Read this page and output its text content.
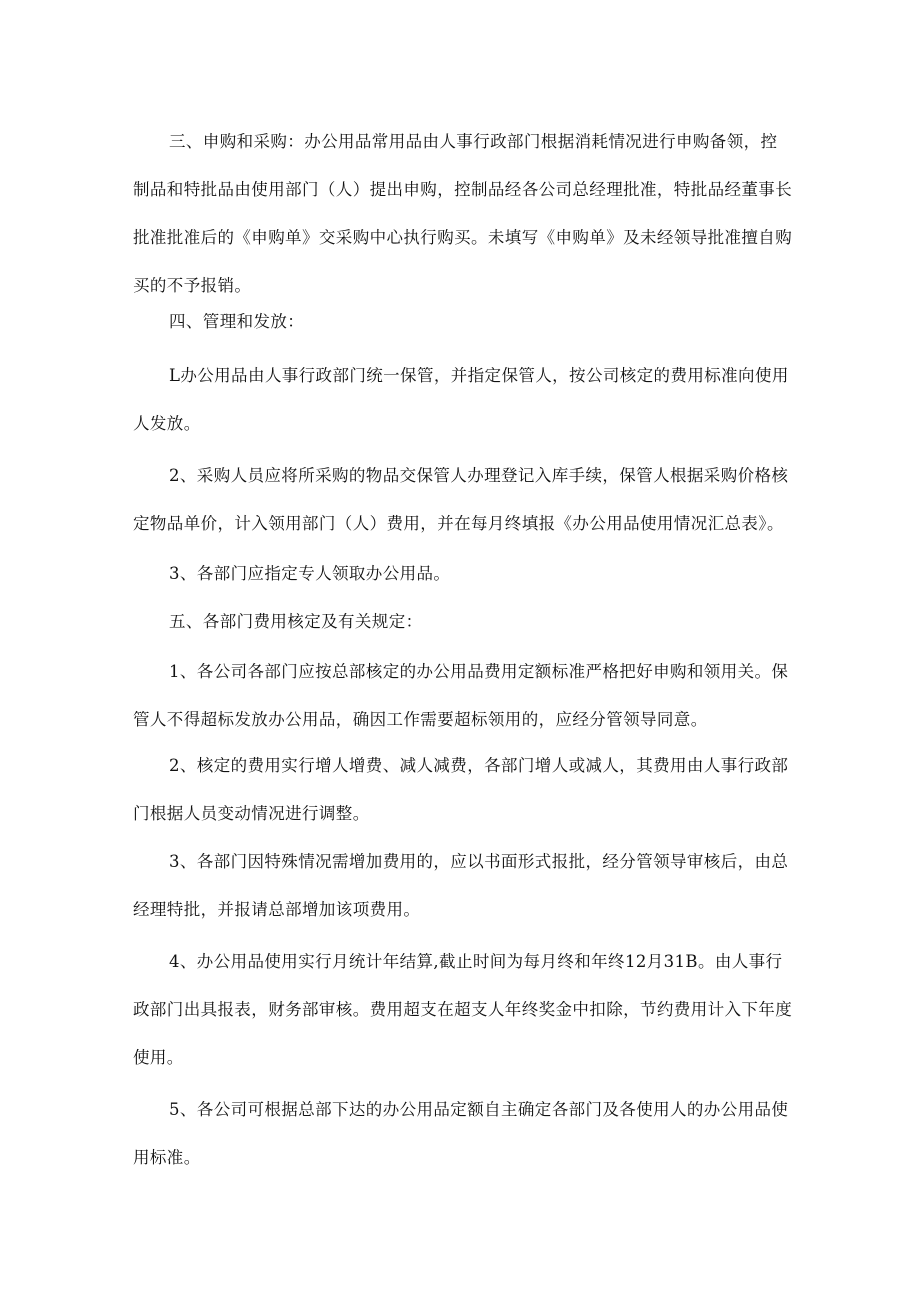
三、申购和采购：办公用品常用品由人事行政部门根据消耗情况进行申购备领，控
制品和特批品由使用部门（人）提出申购，控制品经各公司总经理批准，特批品经董事长
批准批准后的《申购单》交采购中心执行购买。未填写《申购单》及未经领导批准擅自购
买的不予报销。
四、管理和发放：
L办公用品由人事行政部门统一保管，并指定保管人，按公司核定的费用标准向使用
人发放。
2、采购人员应将所采购的物品交保管人办理登记入库手续，保管人根据采购价格核
定物品单价，计入领用部门（人）费用，并在每月终填报《办公用品使用情况汇总表》。
3、各部门应指定专人领取办公用品。
五、各部门费用核定及有关规定：
1、各公司各部门应按总部核定的办公用品费用定额标准严格把好申购和领用关。保
管人不得超标发放办公用品，确因工作需要超标领用的，应经分管领导同意。
2、核定的费用实行增人增费、减人减费，各部门增人或减人，其费用由人事行政部
门根据人员变动情况进行调整。
3、各部门因特殊情况需增加费用的，应以书面形式报批，经分管领导审核后，由总
经理特批，并报请总部增加该项费用。
4、办公用品使用实行月统计年结算,截止时间为每月终和年终12月31B。由人事行
政部门出具报表，财务部审核。费用超支在超支人年终奖金中扣除，节约费用计入下年度
使用。
5、各公司可根据总部下达的办公用品定额自主确定各部门及各使用人的办公用品使
用标准。
